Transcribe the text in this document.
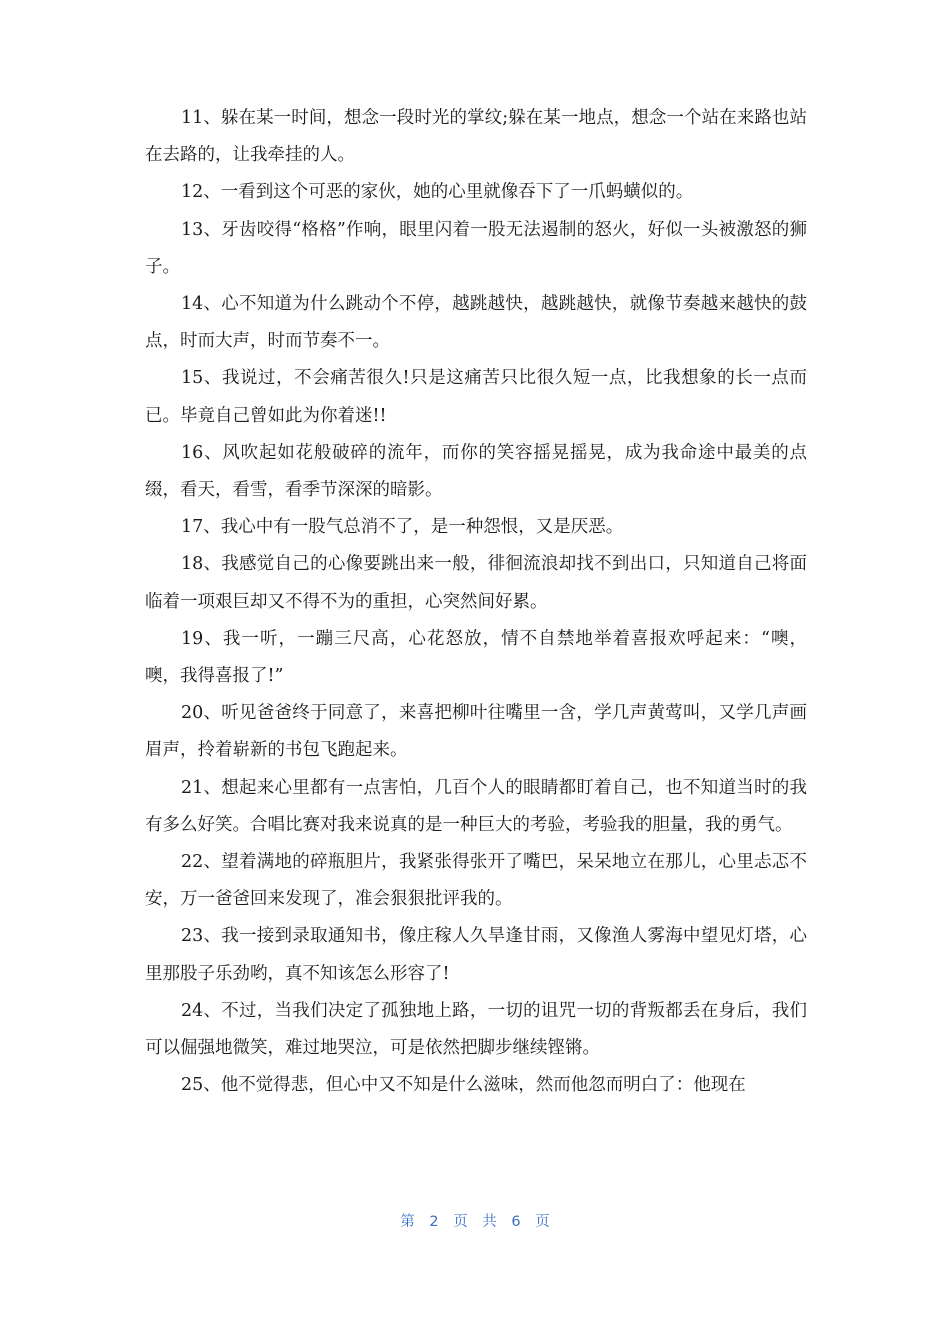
11、躲在某一时间，想念一段时光的掌纹;躲在某一地点，想念一个站在来路也站在去路的，让我牵挂的人。

12、一看到这个可恶的家伙，她的心里就像吞下了一爪蚂蟥似的。

13、牙齿咬得“格格”作响，眼里闪着一股无法遏制的怒火，好似一头被激怒的狮子。

14、心不知道为什么跳动个不停，越跳越快，越跳越快，就像节奏越来越快的鼓点，时而大声，时而节奏不一。

15、我说过，不会痛苦很久!只是这痛苦只比很久短一点，比我想象的长一点而已。毕竟自己曾如此为你着迷!!

16、风吹起如花般破碎的流年，而你的笑容摇晃摇晃，成为我命途中最美的点缀，看天，看雪，看季节深深的暗影。

17、我心中有一股气总消不了，是一种怨恨，又是厌恶。

18、我感觉自己的心像要跳出来一般，徘徊流浪却找不到出口，只知道自己将面临着一项艰巨却又不得不为的重担，心突然间好累。

19、我一听，一蹦三尺高，心花怒放，情不自禁地举着喜报欢呼起来：“噢，噢，我得喜报了!”

20、听见爸爸终于同意了，来喜把柳叶往嘴里一含，学几声黄莺叫，又学几声画眉声，拎着崭新的书包飞跑起来。

21、想起来心里都有一点害怕，几百个人的眼睛都盯着自己，也不知道当时的我有多么好笑。合唱比赛对我来说真的是一种巨大的考验，考验我的胆量，我的勇气。

22、望着满地的碎瓶胆片，我紧张得张开了嘴巴，呆呆地立在那儿，心里忐忑不安，万一爸爸回来发现了，准会狠狠批评我的。

23、我一接到录取通知书，像庄稼人久旱逢甘雨，又像渔人雾海中望见灯塔，心里那股子乐劲哟，真不知该怎么形容了!

24、不过，当我们决定了孤独地上路，一切的诅咒一切的背叛都丢在身后，我们可以倔强地微笑，难过地哭泣，可是依然把脚步继续铿锵。

25、他不觉得悲，但心中又不知是什么滋味，然而他忽而明白了：他现在

第 2 页 共 6 页
